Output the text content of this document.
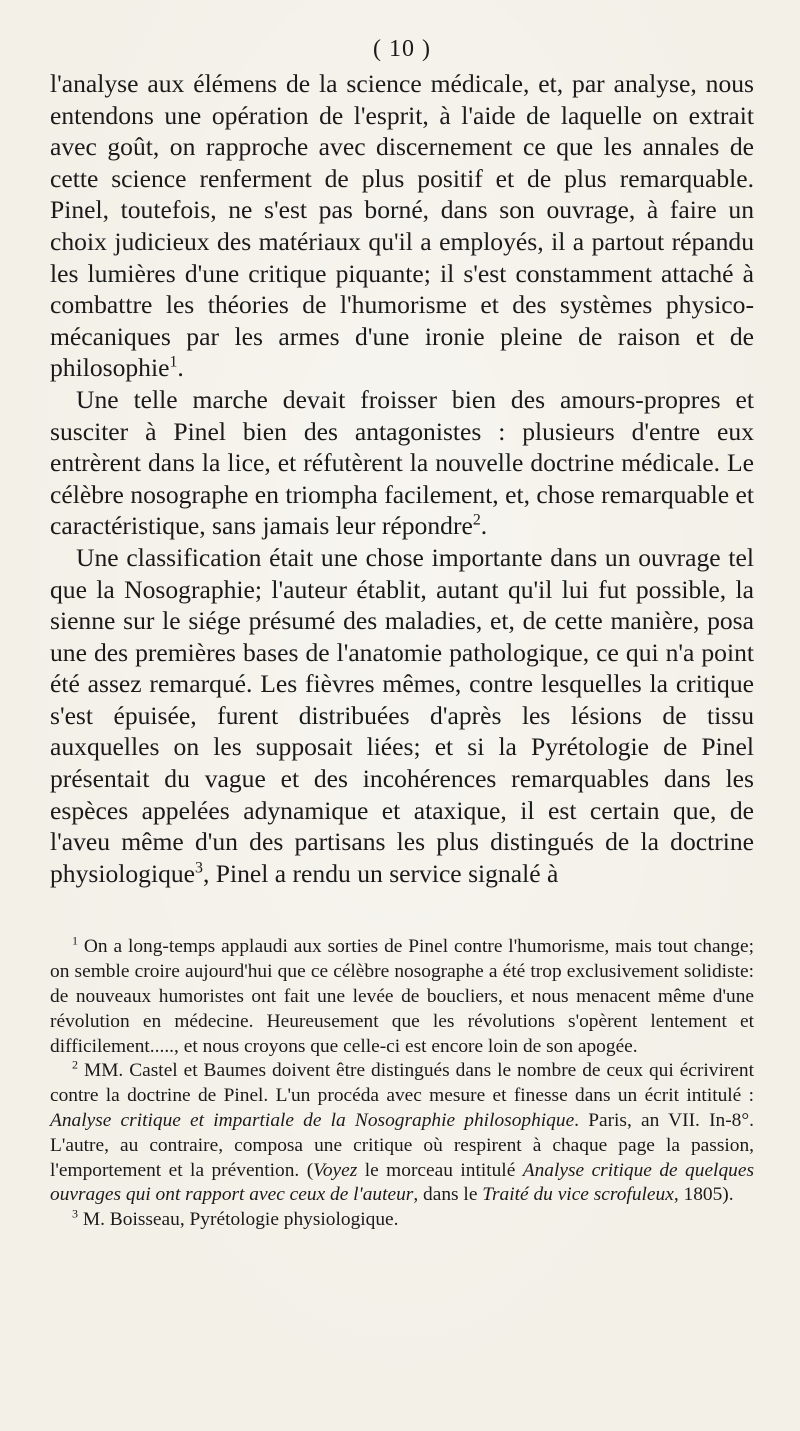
( 10 )

l'analyse aux élémens de la science médicale, et, par analyse, nous entendons une opération de l'esprit, à l'aide de laquelle on extrait avec goût, on rapproche avec discernement ce que les annales de cette science renferment de plus positif et de plus remarquable. Pinel, toutefois, ne s'est pas borné, dans son ouvrage, à faire un choix judicieux des matériaux qu'il a employés, il a partout répandu les lumières d'une critique piquante; il s'est constamment attaché à combattre les théories de l'humorisme et des systèmes physico-mécaniques par les armes d'une ironie pleine de raison et de philosophie$^1$.

Une telle marche devait froisser bien des amours-propres et susciter à Pinel bien des antagonistes : plusieurs d'entre eux entrèrent dans la lice, et réfutèrent la nouvelle doctrine médicale. Le célèbre nosographe en triompha facilement, et, chose remarquable et caractéristique, sans jamais leur répondre$^2$.

Une classification était une chose importante dans un ouvrage tel que la Nosographie; l'auteur établit, autant qu'il lui fut possible, la sienne sur le siége présumé des maladies, et, de cette manière, posa une des premières bases de l'anatomie pathologique, ce qui n'a point été assez remarqué. Les fièvres mêmes, contre lesquelles la critique s'est épuisée, furent distribuées d'après les lésions de tissu auxquelles on les supposait liées; et si la Pyrétologie de Pinel présentait du vague et des incohérences remarquables dans les espèces appelées adynamique et ataxique, il est certain que, de l'aveu même d'un des partisans les plus distingués de la doctrine physiologique$^3$, Pinel a rendu un service signalé à

$^1$ On a long-temps applaudi aux sorties de Pinel contre l'humorisme, mais tout change; on semble croire aujourd'hui que ce célèbre nosographe a été trop exclusivement solidiste: de nouveaux humoristes ont fait une levée de boucliers, et nous menacent même d'une révolution en médecine. Heureusement que les révolutions s'opèrent lentement et difficilement....., et nous croyons que celle-ci est encore loin de son apogée.

$^2$ MM. Castel et Baumes doivent être distingués dans le nombre de ceux qui écrivirent contre la doctrine de Pinel. L'un procéda avec mesure et finesse dans un écrit intitulé : Analyse critique et impartiale de la Nosographie philosophique. Paris, an VII. In-8°. L'autre, au contraire, composa une critique où respirent à chaque page la passion, l'emportement et la prévention. (Voyez le morceau intitulé Analyse critique de quelques ouvrages qui ont rapport avec ceux de l'auteur, dans le Traité du vice scrofuleux, 1805).

$^3$ M. Boisseau, Pyrétologie physiologique.
